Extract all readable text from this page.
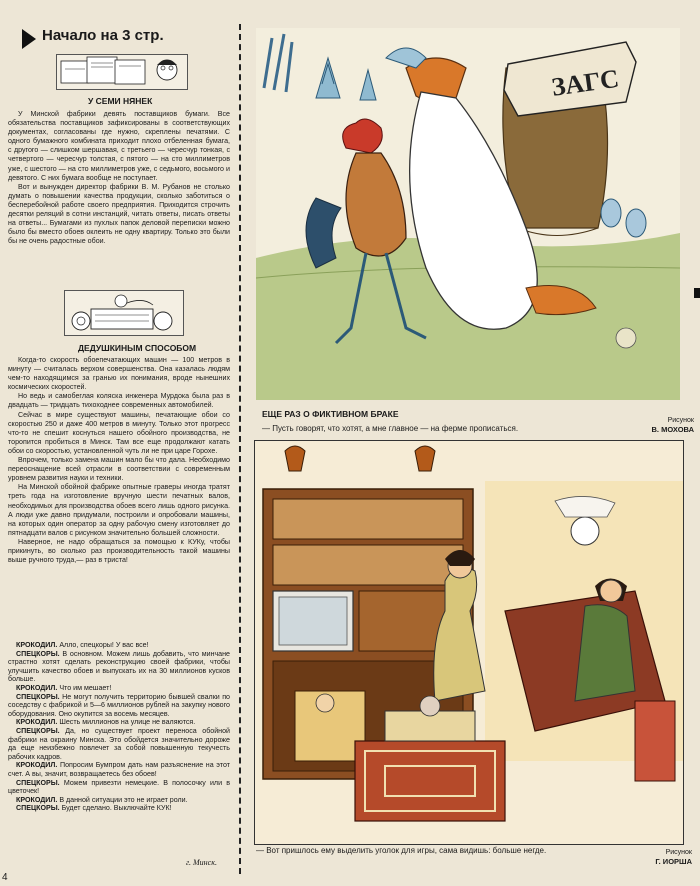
Начало на 3 стр.
У СЕМИ НЯНЕК

У Минской фабрики девять поставщиков бумаги. Все обязательства поставщиков зафиксированы в соответствующих документах, согласованы где нужно, скреплены печатями. С одного бумажного комбината приходит плохо отбеленная бумага, с другого — слишком шершавая, с третьего — чересчур тонкая, с четвертого — чересчур толстая, с пятого — на сто миллиметров уже, с шестого — на сто миллиметров уже, с седьмого, восьмого и девятого. С них бумага вообще не поступает.

Вот и вынужден директор фабрики В. М. Рубанов не столько думать о повышении качества продукции, сколько заботиться о бесперебойной работе своего предприятия. Приходится строчить десятки реляций в сотни инстанций, читать ответы, писать ответы на ответы... Бумагами из пухлых папок деловой переписки можно было бы вместо обоев оклеить не одну квартиру. Только это были бы не очень радостные обои.

ДЕДУШКИНЫМ СПОСОБОМ

Когда-то скорость обоепечатающих машин — 100 метров в минуту — считалась верхом совершенства. Она казалась людям чем-то находящимся за гранью их понимания, вроде нынешних космических скоростей.

Но ведь и самобеглая коляска инженера Мурдока была раз в двадцать — тридцать тихоходнее современных автомобилей.

Сейчас в мире существуют машины, печатающие обои со скоростью 250 и даже 400 метров в минуту. Только этот прогресс что-то не спешит коснуться нашего обойного производства, не торопится пробиться в Минск. Там все еще продолжают катать обои со скоростью, установленной чуть ли не при царе Горохе.

Впрочем, только замена машин мало бы что дала. Необходимо переоснащение всей отрасли в соответствии с современным уровнем развития науки и техники.

На Минской обойной фабрике опытные граверы иногда тратят треть года на изготовление вручную шести печатных валов, необходимых для производства обоев всего лишь одного рисунка. А люди уже давно придумали, построили и опробовали машины, на которых один оператор за одну рабочую смену изготовляет до пятнадцати валов с рисунком значительно большей сложности.

Наверное, не надо обращаться за помощью к КУКу, чтобы прикинуть, во сколько раз производительность такой машины выше ручного труда,— раз в триста!

КРОКОДИЛ. Алло, спецкоры! У вас все!

СПЕЦКОРЫ. В основном. Можем лишь добавить, что минчане страстно хотят сделать реконструкцию своей фабрики, чтобы улучшить качество обоев и выпускать их на 30 миллионов кусков больше.

КРОКОДИЛ. Что им мешает!

СПЕЦКОРЫ. Не могут получить территорию бывшей свалки по соседству с фабрикой и 5—6 миллионов рублей на закупку нового оборудования. Оно окупится за восемь месяцев.

КРОКОДИЛ. Шесть миллионов на улице не валяются.

СПЕЦКОРЫ. Да, но существует проект переноса обойной фабрики на окраину Минска. Это обойдется значительно дороже да еще неизбежно повлечет за собой повышенную текучесть рабочих кадров.

КРОКОДИЛ. Попросим Бумпром дать нам разъяснение на этот счет. А вы, значит, возвращаетесь без обоев!

СПЕЦКОРЫ. Можем привезти немецкие. В полосочку или в цветочек!

КРОКОДИЛ. В данной ситуации это не играет роли.

СПЕЦКОРЫ. Будет сделано. Выключайте КУК!

г. Минск.
ЗАГС
ЕЩЕ РАЗ О ФИКТИВНОМ БРАКЕ
— Пусть говорят, что хотят, а мне главное — на ферме прописаться.
Рисунок
В. МОХОВА
— Вот пришлось ему выделить уголок для игры, сама видишь: больше негде.	Рисунок
Г. ИОРША
4
